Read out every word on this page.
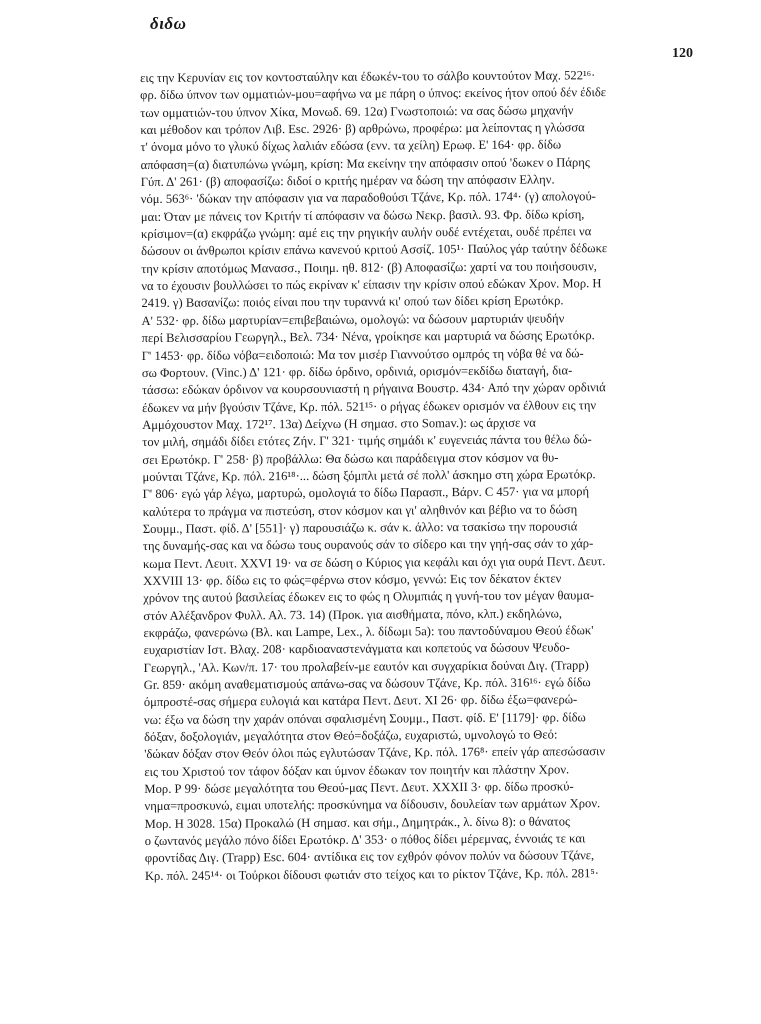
διδω
120
εις την Κερυνίαν εις τον κοντοσταύλην και έδωκέν-του το σάλβο κουντούτον Μαχ. 522¹⁶·
φρ. δίδω ύπνον των ομματιών-μου=αφήνω να με πάρη ο ύπνος: εκείνος ήτον οπού δέν έδιδε
των ομματιών-του ύπνον Χίκα, Μονωδ. 69. 12α) Γνωστοποιώ: να σας δώσω μηχανήν
και μέθοδον και τρόπον Λιβ. Esc. 2926· β) αρθρώνω, προφέρω: μα λείποντας η γλώσσα
τ' όνομα μόνο το γλυκύ δίχως λαλιάν εδώσα (ενν. τα χείλη) Ερωφ. Ε' 164· φρ. δίδω
απόφαση=(α) διατυπώνω γνώμη, κρίση: Μα εκείνην την απόφασιν οπού 'δωκεν ο Πάρης
Γύπ. Δ' 261· (β) αποφασίζω: διδοί ο κριτής ημέραν να δώση την απόφασιν Ελλην.
νόμ. 563⁶· 'δώκαν την απόφασιν για να παραδοθούσι Τζάνε, Κρ. πόλ. 174⁴· (γ) απολογού-
μαι: Όταν με πάνεις τον Κριτήν τί απόφασιν να δώσω Νεκρ. βασιλ. 93. Φρ. δίδω κρίση,
κρίσιμον=(α) εκφράζω γνώμη: αμέ εις την ρηγικήν αυλήν ουδέ εντέχεται, ουδέ πρέπει να
δώσουν οι άνθρωποι κρίσιν επάνω κανενού κριτού Ασσίζ. 105¹· Παύλος γάρ ταύτην δέδωκε
την κρίσιν αποτόμως Μανασσ., Ποιημ. ηθ. 812· (β) Αποφασίζω: χαρτί να του ποιήσουσιν,
να το έχουσιν βουλλώσει το πώς εκρίναν κ' είπασιν την κρίσιν οπού εδώκαν Χρον. Μορ. Η
2419. γ) Βασανίζω: ποιός είναι που την τυραννά κι' οπού των δίδει κρίση Ερωτόκρ.
Α' 532· φρ. δίδω μαρτυρίαν=επιβεβαιώνω, ομολογώ: να δώσουν μαρτυριάν ψευδήν
περί Βελισσαρίου Γεωργηλ., Βελ. 734· Νένα, γροίκησε και μαρτυριά να δώσης Ερωτόκρ.
Γ' 1453· φρ. δίδω νόβα=ειδοποιώ: Μα τον μισέρ Γιαννούτσο ομπρός τη νόβα θέ να δώ-
σω Φορτουν. (Vinc.) Δ' 121· φρ. δίδω όρδινο, ορδινιά, ορισμόν=εκδίδω διαταγή, δια-
τάσσω: εδώκαν όρδινον να κουρσουνιαστή η ρήγαινα Βουστρ. 434· Από την χώραν ορδινιά
έδωκεν να μήν βγούσιν Τζάνε, Κρ. πόλ. 521¹⁵· ο ρήγας έδωκεν ορισμόν να έλθουν εις την
Αμμόχουστον Μαχ. 172¹⁷. 13α) Δείχνω (Η σημασ. στο Somav.): ως άρχισε να
τον μιλή, σημάδι δίδει ετότες Ζήν. Γ' 321· τιμής σημάδι κ' ευγενειάς πάντα του θέλω δώ-
σει Ερωτόκρ. Γ' 258· β) προβάλλω: Θα δώσω και παράδειγμα στον κόσμον να θυ-
μούνται Τζάνε, Κρ. πόλ. 216¹⁸·... δώση ξόμπλι μετά σέ πολλ' άσκημο στη χώρα Ερωτόκρ.
Γ' 806· εγώ γάρ λέγω, μαρτυρώ, ομολογιά το δίδω Παρασπ., Βάρν. C 457· για να μπορή
καλύτερα το πράγμα να πιστεύση, στον κόσμον και γι' αληθινόν και βέβιο να το δώση
Σουμμ., Παστ. φίδ. Δ' [551]· γ) παρουσιάζω κ. σάν κ. άλλο: να τσακίσω την πορουσιά
της δυναμής-σας και να δώσω τους ουρανούς σάν το σίδερο και την γηή-σας σάν το χάρ-
κωμα Πεντ. Λευιτ. XXVI 19· να σε δώση ο Κύριος για κεφάλι και όχι για ουρά Πεντ. Δευτ.
XXVIII 13· φρ. δίδω εις το φώς=φέρνω στον κόσμο, γεννώ: Εις τον δέκατον έκτεν
χρόνον της αυτού βασιλείας έδωκεν εις το φώς η Ολυμπιάς η γυνή-του τον μέγαν θαυμα-
στόν Αλέξανδρον Φυλλ. Αλ. 73. 14) (Προκ. για αισθήματα, πόνο, κλπ.) εκδηλώνω,
εκφράζω, φανερώνω (Βλ. και Lampe, Lex., λ. δίδωμι 5a): του παντοδύναμου Θεού έδωκ'
ευχαριστίαν Ιστ. Βλαχ. 208· καρδιοαναστενάγματα και κοπετούς να δώσουν Ψευδο-
Γεωργηλ., 'Αλ. Κων/π. 17· του προλαβείν-με εαυτόν και συγχαρίκια δούναι Διγ. (Trapp)
Gr. 859· ακόμη αναθεματισμούς απάνω-σας να δώσουν Τζάνε, Κρ. πόλ. 316¹⁶· εγώ δίδω
όμπροστέ-σας σήμερα ευλογιά και κατάρα Πεντ. Δευτ. XI 26· φρ. δίδω έξω=φανερώ-
νω: έξω να δώση την χαράν οπόναι σφαλισμένη Σουμμ., Παστ. φίδ. Ε' [1179]· φρ. δίδω
δόξαν, δοξολογιάν, μεγαλότητα στον Θεό=δοξάζω, ευχαριστώ, υμνολογώ το Θεό:
'δώκαν δόξαν στον Θεόν όλοι πώς εγλυτώσαν Τζάνε, Κρ. πόλ. 176⁸· επείν γάρ απεσώσασιν
εις του Χριστού τον τάφον δόξαν και ύμνον έδωκαν τον ποιητήν και πλάστην Χρον.
Μορ. Ρ 99· δώσε μεγαλότητα του Θεού-μας Πεντ. Δευτ. XXXII 3· φρ. δίδω προσκύ-
νημα=προσκυνώ, ειμαι υποτελής: προσκύνημα να δίδουσιν, δουλείαν των αρμάτων Χρον.
Μορ. Η 3028. 15α) Προκαλώ (Η σημασ. και σήμ., Δημητράκ., λ. δίνω 8): ο θάνατος
ο ζωντανός μεγάλο πόνο δίδει Ερωτόκρ. Δ' 353· ο πόθος δίδει μέρεμνας, έννοιάς τε και
φροντίδας Διγ. (Trapp) Esc. 604· αντίδικα εις τον εχθρόν φόνον πολύν να δώσουν Τζάνε,
Κρ. πόλ. 245¹⁴· οι Τούρκοι δίδουσι φωτιάν στο τείχος και το ρίκτον Τζάνε, Κρ. πόλ. 281⁵·
